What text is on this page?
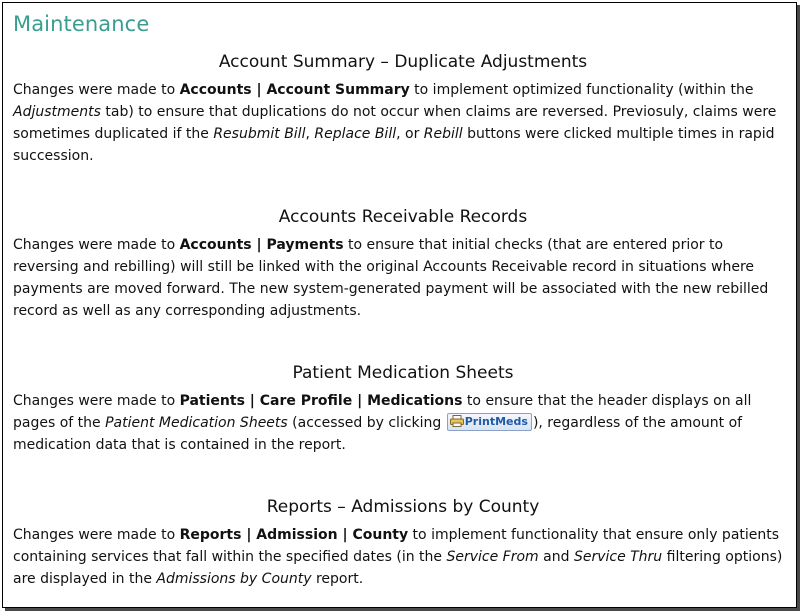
Maintenance
Account Summary – Duplicate Adjustments

Changes were made to Accounts | Account Summary to implement optimized functionality (within the Adjustments tab) to ensure that duplications do not occur when claims are reversed. Previosuly, claims were sometimes duplicated if the Resubmit Bill, Replace Bill, or Rebill buttons were clicked multiple times in rapid succession.

Accounts Receivable Records

Changes were made to Accounts | Payments to ensure that initial checks (that are entered prior to reversing and rebilling) will still be linked with the original Accounts Receivable record in situations where payments are moved forward. The new system-generated payment will be associated with the new rebilled record as well as any corresponding adjustments.

Patient Medication Sheets

Changes were made to Patients | Care Profile | Medications to ensure that the header displays on all pages of the Patient Medication Sheets (accessed by clicking PrintMeds ), regardless of the amount of medication data that is contained in the report.

Reports – Admissions by County

Changes were made to Reports | Admission | County to implement functionality that ensure only patients containing services that fall within the specified dates (in the Service From and Service Thru filtering options) are displayed in the Admissions by County report.
